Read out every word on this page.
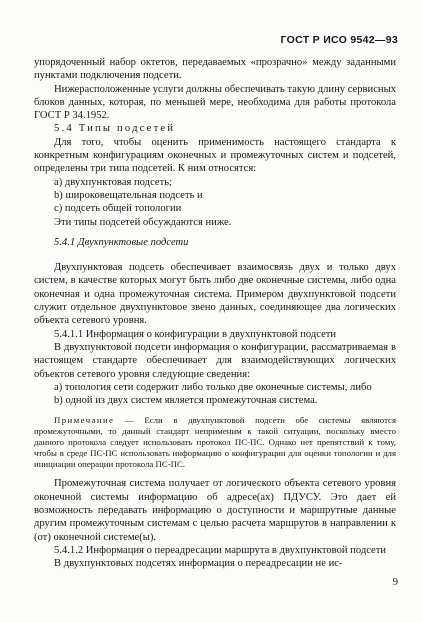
ГОСТ Р ИСО 9542—93

упорядоченный набор октетов, передаваемых «прозрачно» между заданными пунктами подключения подсети.

Нижерасположенные услуги должны обеспечивать такую длину сервисных блоков данных, которая, по меньшей мере, необходима для работы протокола ГОСТ Р 34.1952.

5.4 Типы подсетей

Для того, чтобы оценить применимость настоящего стандарта к конкретным конфигурациям оконечных и промежуточных систем и подсетей, определены три типа подсетей. К ним относятся:

а) двухпунктовая подсеть;

b) широковещательная подсеть и

с) подсеть общей топологии

Эти типы подсетей обсуждаются ниже.

5.4.1 Двухпунктовые подсети

Двухпунктовая подсеть обеспечивает взаимосвязь двух и только двух систем, в качестве которых могут быть либо две оконечные системы, либо одна оконечная и одна промежуточная система. Примером двухпунктовой подсети служит отдельное двухпунктовое звено данных, соединяющее два логических объекта сетевого уровня.

5.4.1.1 Информация о конфигурации в двухпунктовой подсети

В двухпунктовой подсети информация о конфигурации, рассматриваемая в настоящем стандарте обеспечивает для взаимодействующих логических объектов сетевого уровня следующие сведения:

а) топология сети содержит либо только две оконечные системы, либо

b) одной из двух систем является промежуточная система.

Примечание — Если в двухпунктовой подсети обе системы являются промежуточными, то данный стандарт неприменим к такой ситуации, поскольку вместо данного протокола следует использовать протокол ПС-ПС. Однако нет препятствий к тому, чтобы в среде ПС-ПС использовать информацию о конфигурации для оценки топологии и для инициации операции протокола ПС-ПС.

Промежуточная система получает от логического объекта сетевого уровня оконечной системы информацию об адресе(ах) ПДУСУ. Это дает ей возможность передавать информацию о доступности и маршрутные данные другим промежуточным системам с целью расчета маршрутов в направлении к (от) оконечной системе(ы).

5.4.1.2 Информация о переадресации маршрута в двухпунктовой подсети

В двухпунктовых подсетях информация о переадресации не ис-

9
